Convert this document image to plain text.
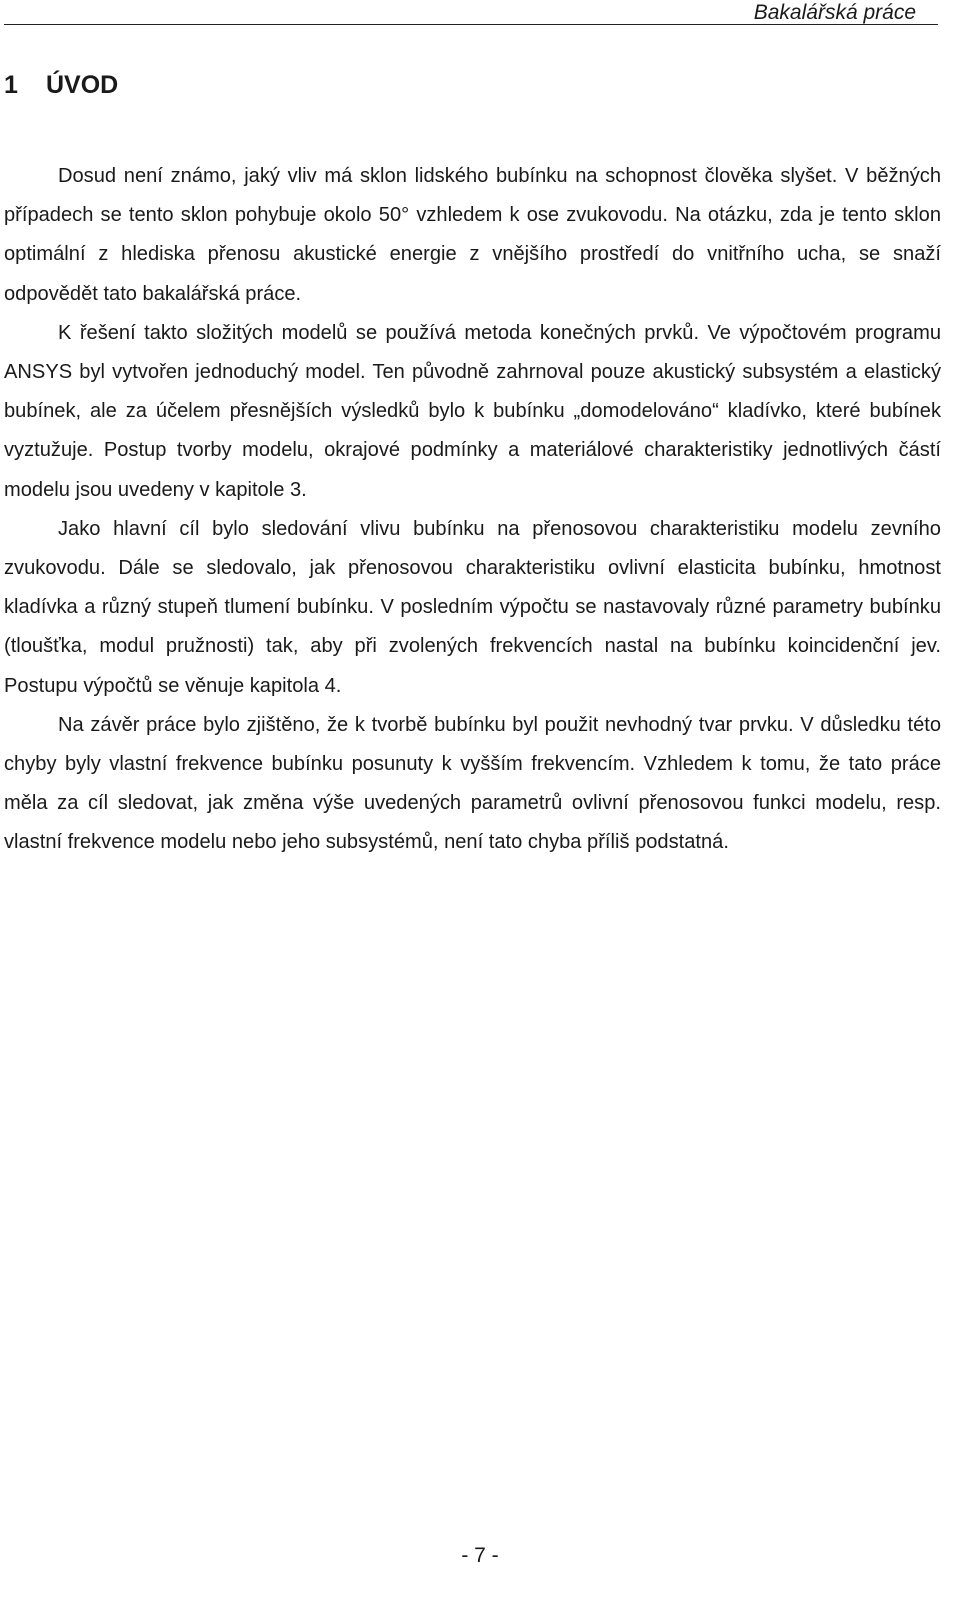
Bakalářská práce
1 ÚVOD

Dosud není známo, jaký vliv má sklon lidského bubínku na schopnost člověka slyšet. V běžných případech se tento sklon pohybuje okolo 50° vzhledem k ose zvukovodu. Na otázku, zda je tento sklon optimální z hlediska přenosu akustické energie z vnějšího prostředí do vnitřního ucha, se snaží odpovědět tato bakalářská práce.

K řešení takto složitých modelů se používá metoda konečných prvků. Ve výpočtovém programu ANSYS byl vytvořen jednoduchý model. Ten původně zahrnoval pouze akustický subsystém a elastický bubínek, ale za účelem přesnějších výsledků bylo k bubínku „domodelováno“ kladívko, které bubínek vyztužuje. Postup tvorby modelu, okrajové podmínky a materiálové charakteristiky jednotlivých částí modelu jsou uvedeny v kapitole 3.

Jako hlavní cíl bylo sledování vlivu bubínku na přenosovou charakteristiku modelu zevního zvukovodu. Dále se sledovalo, jak přenosovou charakteristiku ovlivní elasticita bubínku, hmotnost kladívka a různý stupeň tlumení bubínku. V posledním výpočtu se nastavovaly různé parametry bubínku (tloušťka, modul pružnosti) tak, aby při zvolených frekvencích nastal na bubínku koincidenční jev. Postupu výpočtů se věnuje kapitola 4.

Na závěr práce bylo zjištěno, že k tvorbě bubínku byl použit nevhodný tvar prvku. V důsledku této chyby byly vlastní frekvence bubínku posunuty k vyšším frekvencím. Vzhledem k tomu, že tato práce měla za cíl sledovat, jak změna výše uvedených parametrů ovlivní přenosovou funkci modelu, resp. vlastní frekvence modelu nebo jeho subsystémů, není tato chyba příliš podstatná.

- 7 -
